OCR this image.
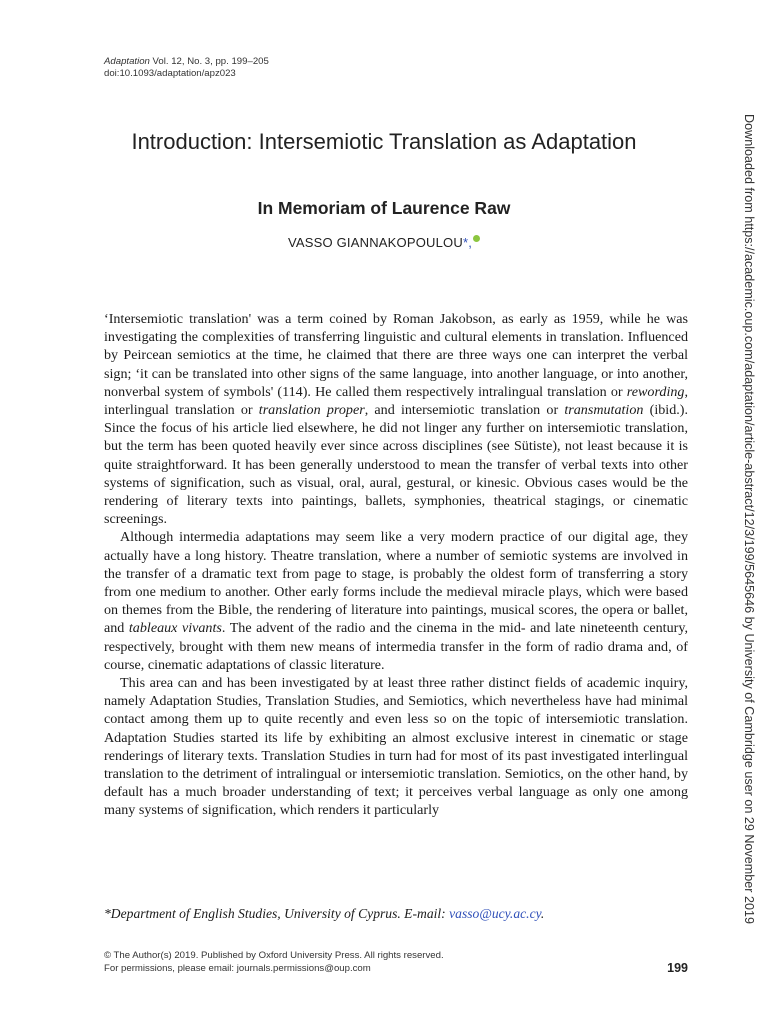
Adaptation Vol. 12, No. 3, pp. 199–205
doi:10.1093/adaptation/apz023
Introduction: Intersemiotic Translation as Adaptation
In Memoriam of Laurence Raw
VASSO GIANNAKOPOULOU*,

‘Intersemiotic translation' was a term coined by Roman Jakobson, as early as 1959, while he was investigating the complexities of transferring linguistic and cultural elements in translation. Influenced by Peircean semiotics at the time, he claimed that there are three ways one can interpret the verbal sign; ‘it can be translated into other signs of the same language, into another language, or into another, nonverbal system of symbols' (114). He called them respectively intralingual translation or rewording, interlingual translation or translation proper, and intersemiotic translation or transmutation (ibid.). Since the focus of his article lied elsewhere, he did not linger any further on intersemiotic translation, but the term has been quoted heavily ever since across disciplines (see Sütiste), not least because it is quite straightforward. It has been generally understood to mean the transfer of verbal texts into other systems of signification, such as visual, oral, aural, gestural, or kinesic. Obvious cases would be the rendering of literary texts into paintings, ballets, symphonies, theatrical stagings, or cinematic screenings.

Although intermedia adaptations may seem like a very modern practice of our digital age, they actually have a long history. Theatre translation, where a number of semiotic systems are involved in the transfer of a dramatic text from page to stage, is probably the oldest form of transferring a story from one medium to another. Other early forms include the medieval miracle plays, which were based on themes from the Bible, the rendering of literature into paintings, musical scores, the opera or ballet, and tableaux vivants. The advent of the radio and the cinema in the mid- and late nineteenth century, respectively, brought with them new means of intermedia transfer in the form of radio drama and, of course, cinematic adaptations of classic literature.

This area can and has been investigated by at least three rather distinct fields of academic inquiry, namely Adaptation Studies, Translation Studies, and Semiotics, which nevertheless have had minimal contact among them up to quite recently and even less so on the topic of intersemiotic translation. Adaptation Studies started its life by exhibiting an almost exclusive interest in cinematic or stage renderings of literary texts. Translation Studies in turn had for most of its past investigated interlingual translation to the detriment of intralingual or intersemiotic translation. Semiotics, on the other hand, by default has a much broader understanding of text; it perceives verbal language as only one among many systems of signification, which renders it particularly

*Department of English Studies, University of Cyprus. E-mail: vasso@ucy.ac.cy.
© The Author(s) 2019. Published by Oxford University Press. All rights reserved.
For permissions, please email: journals.permissions@oup.com	199
Downloaded from https://academic.oup.com/adaptation/article-abstract/12/3/199/5645646 by University of Cambridge user on 29 November 2019
